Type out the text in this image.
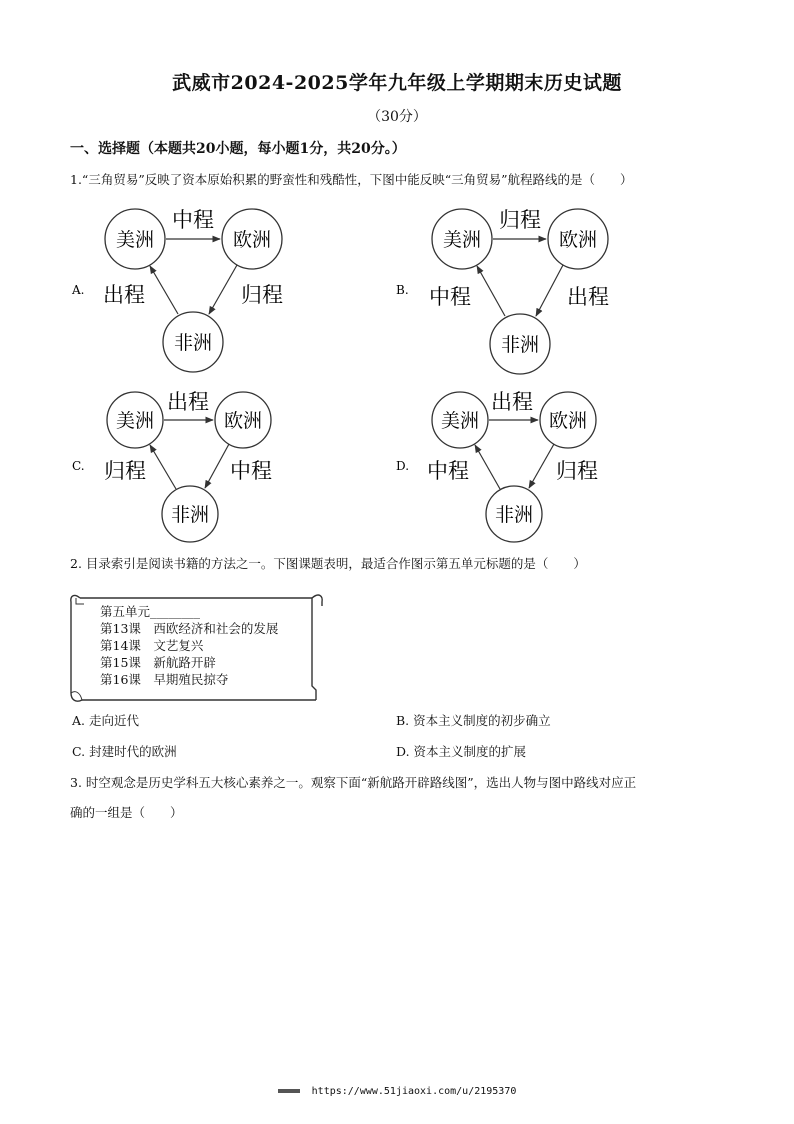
武威市2024-2025学年九年级上学期期末历史试题
（30分）
一、选择题（本题共20小题，每小题1分，共20分。）
1.“三角贸易”反映了资本原始积累的野蛮性和残酷性，下图中能反映“三角贸易”航程路线的是（　　）
A.
美洲	欧洲
非洲
中程
归程
出程	B.
美洲	欧洲
非洲
归程
出程
中程
C.
美洲	欧洲
非洲
出程
中程
归程	D.
美洲	欧洲
非洲
出程
归程
中程
2. 目录索引是阅读书籍的方法之一。下图课题表明，最适合作图示第五单元标题的是（　　）
第五单元________
第13课　西欧经济和社会的发展
第14课　文艺复兴
第15课　新航路开辟
第16课　早期殖民掠夺
A. 走向近代	B. 资本主义制度的初步确立
C. 封建时代的欧洲	D. 资本主义制度的扩展
3. 时空观念是历史学科五大核心素养之一。观察下面“新航路开辟路线图”，选出人物与图中路线对应正
确的一组是（　　）
https://www.51jiaoxi.com/u/2195370
